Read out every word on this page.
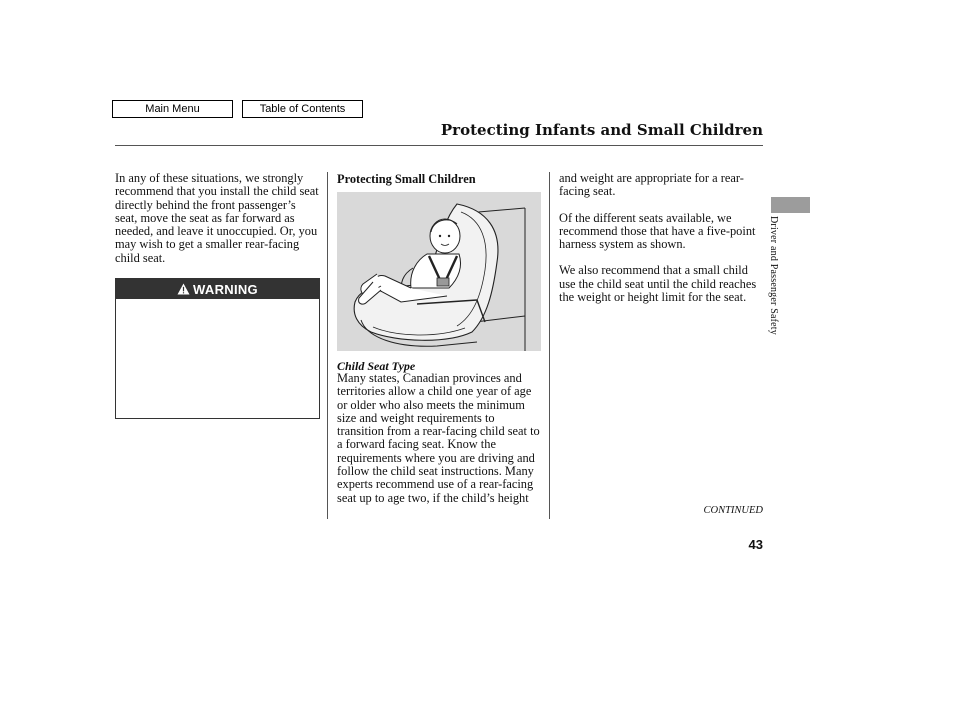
Main Menu	Table of Contents
Protecting Infants and Small Children

In any of these situations, we strongly recommend that you install the child seat directly behind the front passenger’s seat, move the seat as far forward as needed, and leave it unoccupied. Or, you may wish to get a smaller rear-facing child seat.

WARNING
Protecting Small Children
Child Seat Type

Many states, Canadian provinces and territories allow a child one year of age or older who also meets the minimum size and weight requirements to transition from a rear-facing child seat to a forward facing seat. Know the requirements where you are driving and follow the child seat instructions. Many experts recommend use of a rear-facing seat up to age two, if the child’s height

and weight are appropriate for a rear-facing seat.

Of the different seats available, we recommend those that have a five-point harness system as shown.

We also recommend that a small child use the child seat until the child reaches the weight or height limit for the seat.

CONTINUED
43
Driver and Passenger Safety
